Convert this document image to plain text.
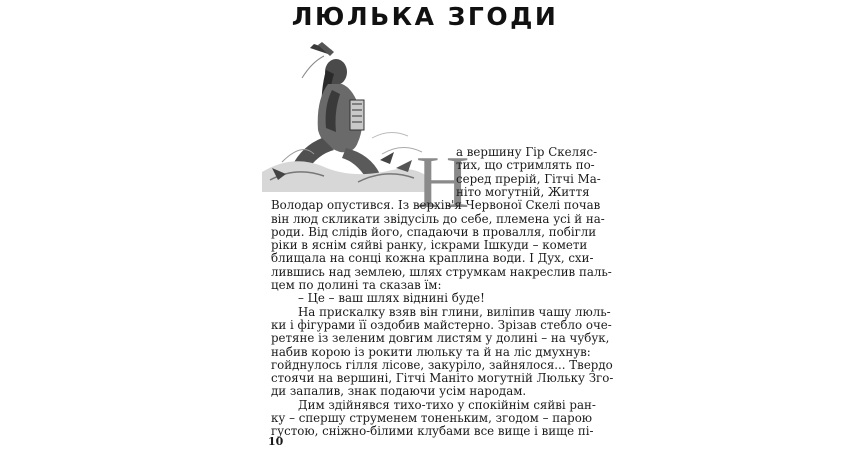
ЛЮЛЬКА ЗГОДИ
Н
а вершину Гір Скеляс-
тих, що стримлять по-
серед прерій, Гітчі Ма-
ніто могутній, Життя
Володар опустився. Із верхів'я Червоної Скелі почав
він люд скликати звідусіль до себе, племена усі й на-
роди. Від слідів його, спадаючи в провалля, побігли
ріки в яснім сяйві ранку, іскрами Ішкуди – комети
блищала на сонці кожна краплина води. І Дух, схи-
лившись над землею, шлях струмкам накреслив паль-
цем по долині та сказав їм:
– Це – ваш шлях віднині буде!
На прискалку взяв він глини, виліпив чашу люль-
ки і фігурами її оздобив майстерно. Зрізав стебло оче-
ретяне із зеленим довгим листям у долині – на чубук,
набив корою із рокити люльку та й на ліс дмухнув:
гойднулось гілля лісове, закуріло, зайнялося... Твердо
стоячи на вершині, Гітчі Маніто могутній Люльку Зго-
ди запалив, знак подаючи усім народам.
10
Дим здійнявся тихо-тихо у спокійнім сяйві ран-
ку – спершу струменем тоненьким, згодом – парою
густою, сніжно-білими клубами все вище і вище пі-
